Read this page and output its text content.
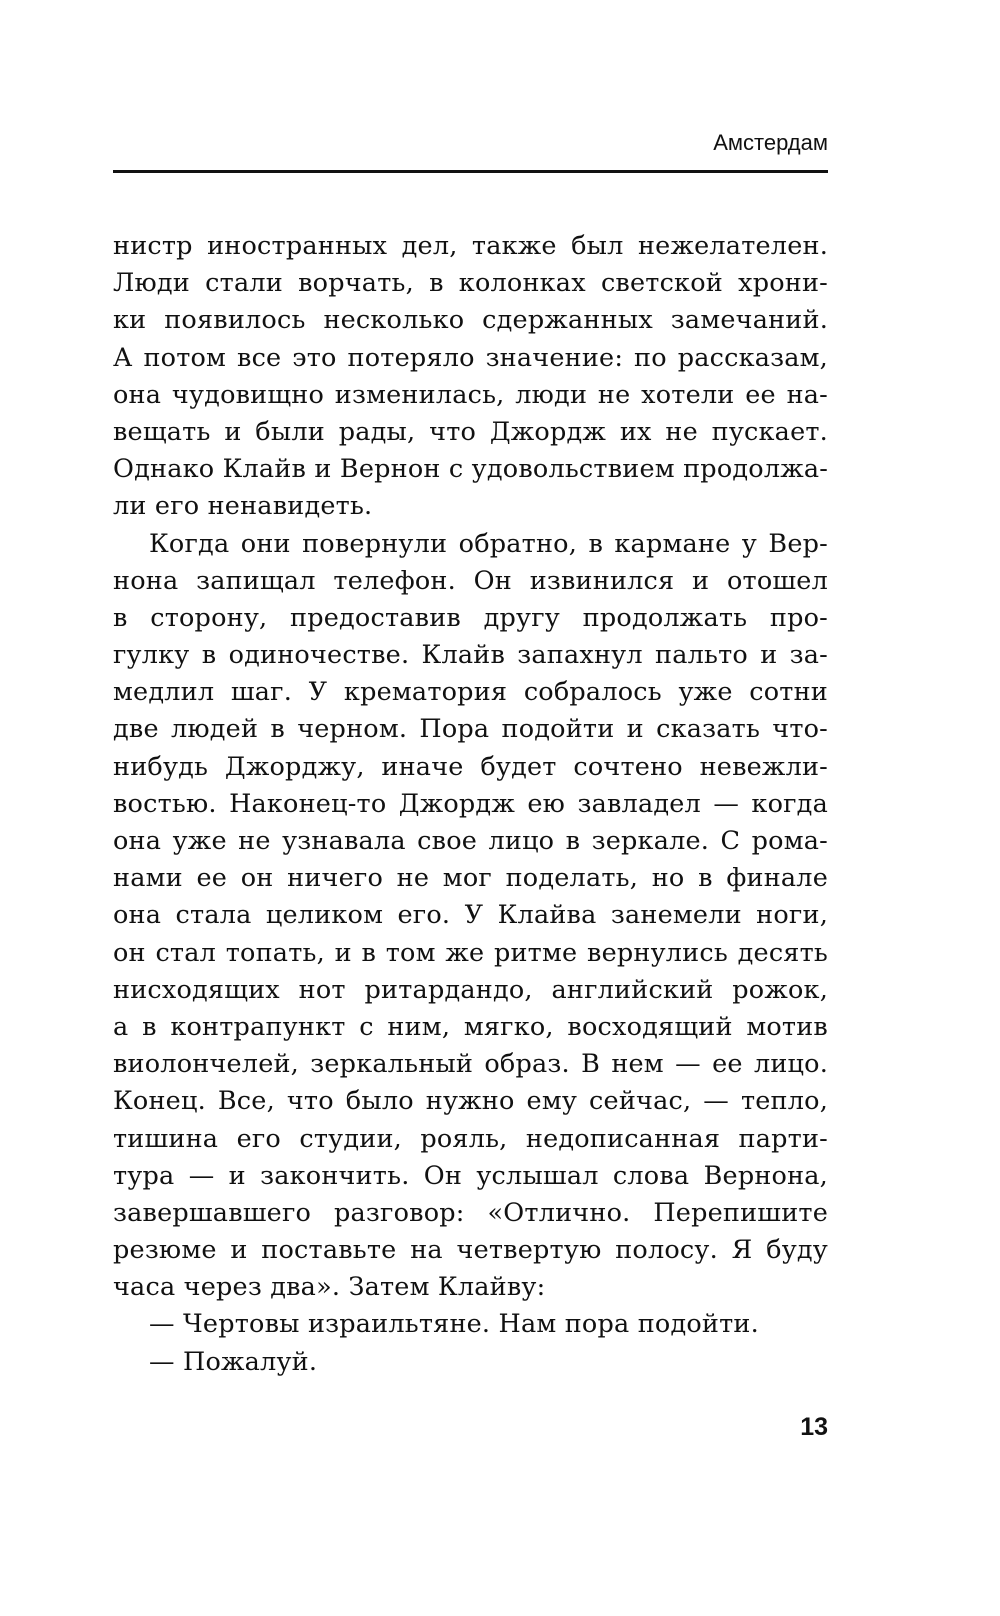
Амстердам
нистр иностранных дел, также был нежелателен.
Люди стали ворчать, в колонках светской хрони-
ки появилось несколько сдержанных замечаний.
А потом все это потеряло значение: по рассказам,
она чудовищно изменилась, люди не хотели ее на-
вещать и были рады, что Джордж их не пускает.
Однако Клайв и Вернон с удовольствием продолжа-
ли его ненавидеть.
Когда они повернули обратно, в кармане у Вер-
нона запищал телефон. Он извинился и отошел
в сторону, предоставив другу продолжать про-
гулку в одиночестве. Клайв запахнул пальто и за-
медлил шаг. У крематория собралось уже сотни
две людей в черном. Пора подойти и сказать что-
нибудь Джорджу, иначе будет сочтено невежли-
востью. Наконец-то Джордж ею завладел — когда
она уже не узнавала свое лицо в зеркале. С рома-
нами ее он ничего не мог поделать, но в финале
она стала целиком его. У Клайва занемели ноги,
он стал топать, и в том же ритме вернулись десять
нисходящих нот ритардандо, английский рожок,
а в контрапункт с ним, мягко, восходящий мотив
виолончелей, зеркальный образ. В нем — ее лицо.
Конец. Все, что было нужно ему сейчас, — тепло,
тишина его студии, рояль, недописанная парти-
тура — и закончить. Он услышал слова Вернона,
завершавшего разговор: «Отлично. Перепишите
резюме и поставьте на четвертую полосу. Я буду
часа через два». Затем Клайву:
— Чертовы израильтяне. Нам пора подойти.
— Пожалуй.
13
